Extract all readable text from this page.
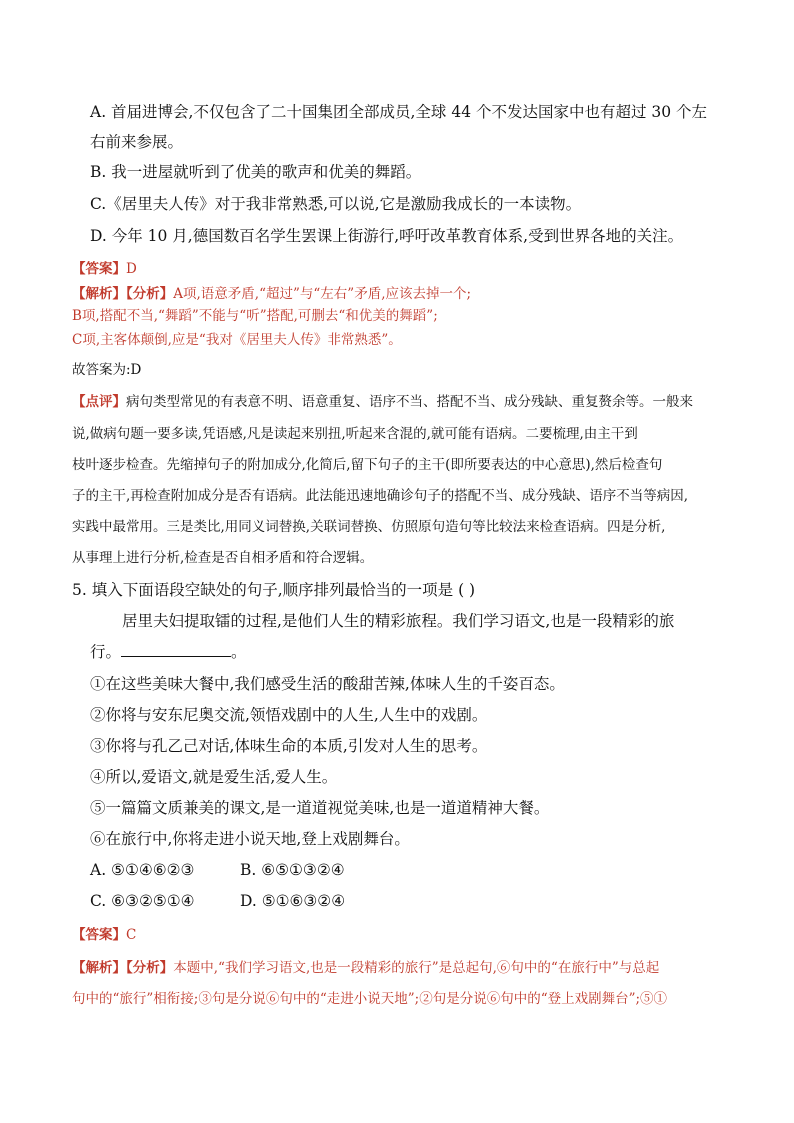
A. 首届进博会,不仅包含了二十国集团全部成员,全球 44 个不发达国家中也有超过 30 个左
右前来参展。
B. 我一进屋就听到了优美的歌声和优美的舞蹈。
C.《居里夫人传》对于我非常熟悉,可以说,它是激励我成长的一本读物。
D. 今年 10 月,德国数百名学生罢课上街游行,呼吁改革教育体系,受到世界各地的关注。
【答案】D
【解析】【分析】A项,语意矛盾,“超过”与“左右”矛盾,应该去掉一个;
B项,搭配不当,“舞蹈”不能与“听”搭配,可删去“和优美的舞蹈”;
C项,主客体颠倒,应是“我对《居里夫人传》非常熟悉”。
故答案为:D
【点评】病句类型常见的有表意不明、语意重复、语序不当、搭配不当、成分残缺、重复赘余等。一般来
说,做病句题一要多读,凭语感,凡是读起来别扭,听起来含混的,就可能有语病。二要梳理,由主干到
枝叶逐步检查。先缩掉句子的附加成分,化简后,留下句子的主干(即所要表达的中心意思),然后检查句
子的主干,再检查附加成分是否有语病。此法能迅速地确诊句子的搭配不当、成分残缺、语序不当等病因,
实践中最常用。三是类比,用同义词替换,关联词替换、仿照原句造句等比较法来检查语病。四是分析,
从事理上进行分析,检查是否自相矛盾和符合逻辑。
5. 填入下面语段空缺处的句子,顺序排列最恰当的一项是 ( )
居里夫妇提取镭的过程,是他们人生的精彩旅程。我们学习语文,也是一段精彩的旅
行。	。
①在这些美味大餐中,我们感受生活的酸甜苦辣,体味人生的千姿百态。
②你将与安东尼奥交流,领悟戏剧中的人生,人生中的戏剧。
③你将与孔乙己对话,体味生命的本质,引发对人生的思考。
④所以,爱语文,就是爱生活,爱人生。
⑤一篇篇文质兼美的课文,是一道道视觉美味,也是一道道精神大餐。
⑥在旅行中,你将走进小说天地,登上戏剧舞台。
A. ⑤①④⑥②③	B. ⑥⑤①③②④
C. ⑥③②⑤①④	D. ⑤①⑥③②④
【答案】C
【解析】【分析】本题中,“我们学习语文,也是一段精彩的旅行”是总起句,⑥句中的“在旅行中”与总起
句中的“旅行”相衔接;③句是分说⑥句中的“走进小说天地”;②句是分说⑥句中的“登上戏剧舞台”;⑤①
